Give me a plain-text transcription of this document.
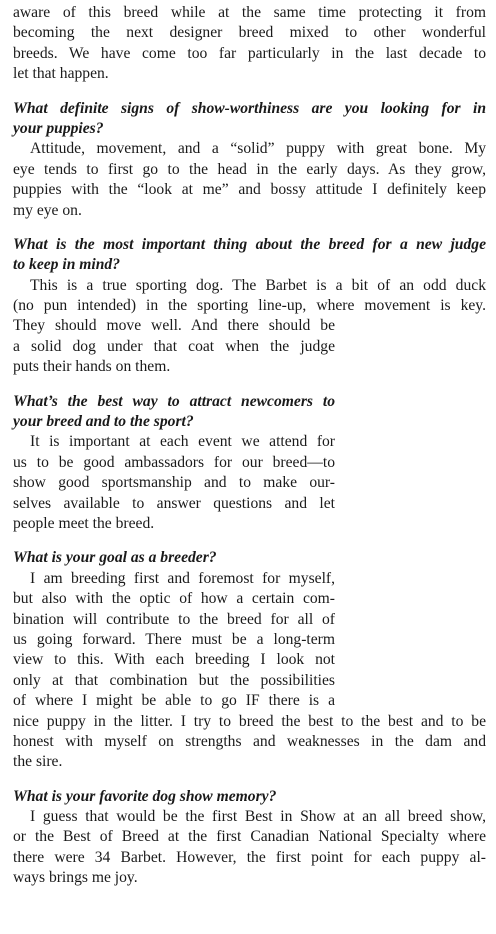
aware of this breed while at the same time protecting it from
becoming the next designer breed mixed to other wonderful
breeds. We have come too far particularly in the last decade to
let that happen.
What definite signs of show-worthiness are you looking for in
your puppies?
Attitude, movement, and a “solid” puppy with great bone. My
eye tends to first go to the head in the early days. As they grow,
puppies with the “look at me” and bossy attitude I definitely keep
my eye on.
What is the most important thing about the breed for a new judge
to keep in mind?
This is a true sporting dog. The Barbet is a bit of an odd duck
(no pun intended) in the sporting line-up, where movement is key.
They should move well. And there should be
a solid dog under that coat when the judge
puts their hands on them.
What’s the best way to attract newcomers to
your breed and to the sport?
It is important at each event we attend for
us to be good ambassadors for our breed—to
show good sportsmanship and to make our-
selves available to answer questions and let
people meet the breed.
What is your goal as a breeder?
I am breeding first and foremost for myself,
but also with the optic of how a certain com-
bination will contribute to the breed for all of
us going forward. There must be a long-term
view to this. With each breeding I look not
only at that combination but the possibilities
of where I might be able to go IF there is a
nice puppy in the litter. I try to breed the best to the best and to be
honest with myself on strengths and weaknesses in the dam and
the sire.
What is your favorite dog show memory?
I guess that would be the first Best in Show at an all breed show,
or the Best of Breed at the first Canadian National Specialty where
there were 34 Barbet. However, the first point for each puppy al-
ways brings me joy.
